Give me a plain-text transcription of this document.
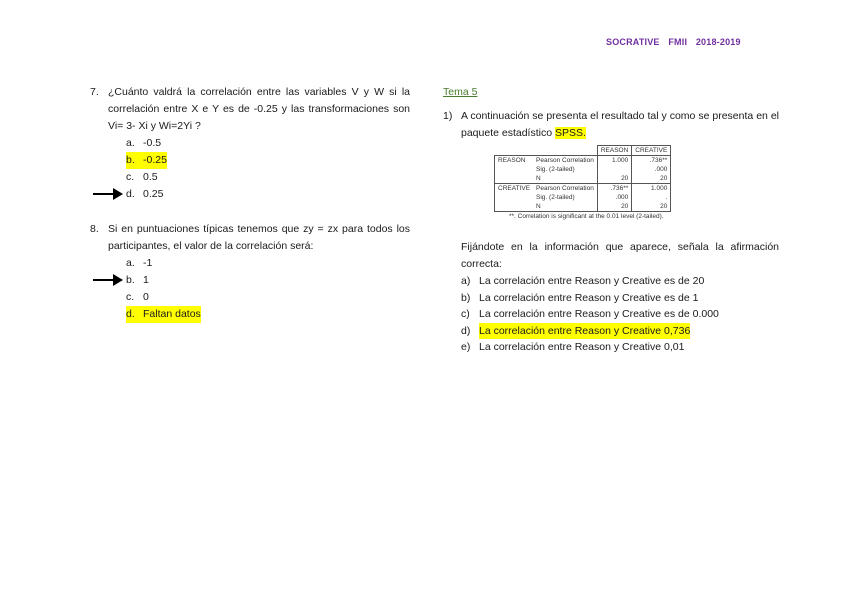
SOCRATIVE FMII 2018-2019
7. ¿Cuánto valdrá la correlación entre las variables V y W si la correlación entre X e Y es de -0.25 y las transformaciones son Vi= 3- Xi y Wi=2Yi ?
a. -0.5
b. -0.25
c. 0.5
d. 0.25
8. Si en puntuaciones típicas tenemos que zy = zx para todos los participantes, el valor de la correlación será:
a. -1
b. 1
c. 0
d. Faltan datos
Tema 5
1) A continuación se presenta el resultado tal y como se presenta en el paquete estadístico SPSS.
		REASON	CREATIVE
REASON	Pearson Correlation	1.000	.736**
	Sig. (2-tailed)		.000
	N	20	20
CREATIVE	Pearson Correlation	.736**	1.000
	Sig. (2-tailed)	.000	.
	N	20	20
**. Correlation is significant at the 0.01 level (2-tailed).
Fijándote en la información que aparece, señala la afirmación correcta:
a) La correlación entre Reason y Creative es de 20
b) La correlación entre Reason y Creative es de 1
c) La correlación entre Reason y Creative es de 0.000
d) La correlación entre Reason y Creative 0,736
e) La correlación entre Reason y Creative 0,01
